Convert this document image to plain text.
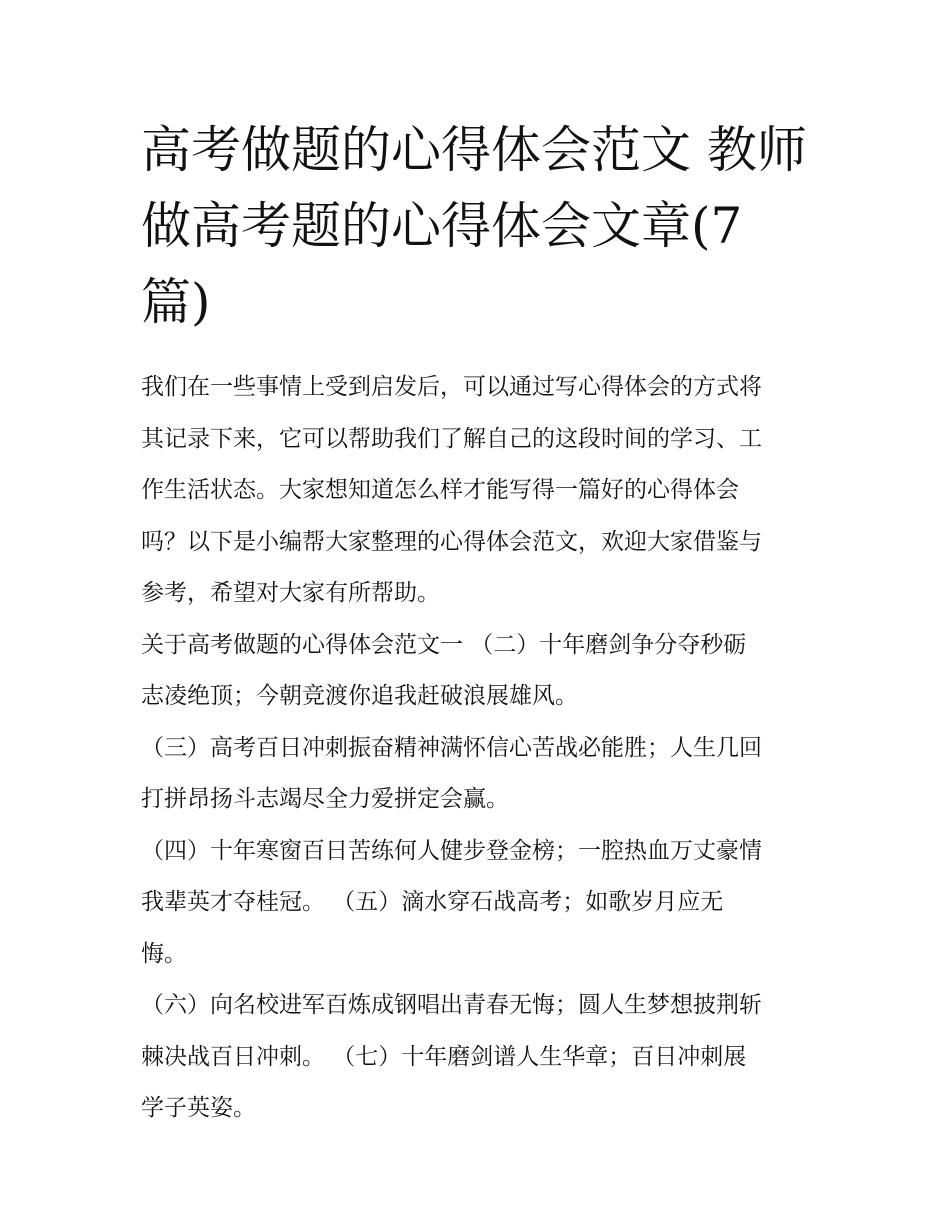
高考做题的心得体会范文 教师
做高考题的心得体会文章(7
篇)

我们在一些事情上受到启发后，可以通过写心得体会的方式将
其记录下来，它可以帮助我们了解自己的这段时间的学习、工
作生活状态。大家想知道怎么样才能写得一篇好的心得体会
吗？以下是小编帮大家整理的心得体会范文，欢迎大家借鉴与
参考，希望对大家有所帮助。

关于高考做题的心得体会范文一 （二）十年磨剑争分夺秒砺
志凌绝顶；今朝竞渡你追我赶破浪展雄风。

（三）高考百日冲刺振奋精神满怀信心苦战必能胜；人生几回
打拼昂扬斗志竭尽全力爱拼定会赢。

（四）十年寒窗百日苦练何人健步登金榜；一腔热血万丈豪情
我辈英才夺桂冠。 （五）滴水穿石战高考；如歌岁月应无
悔。

（六）向名校进军百炼成钢唱出青春无悔；圆人生梦想披荆斩
棘决战百日冲刺。 （七）十年磨剑谱人生华章；百日冲刺展
学子英姿。
